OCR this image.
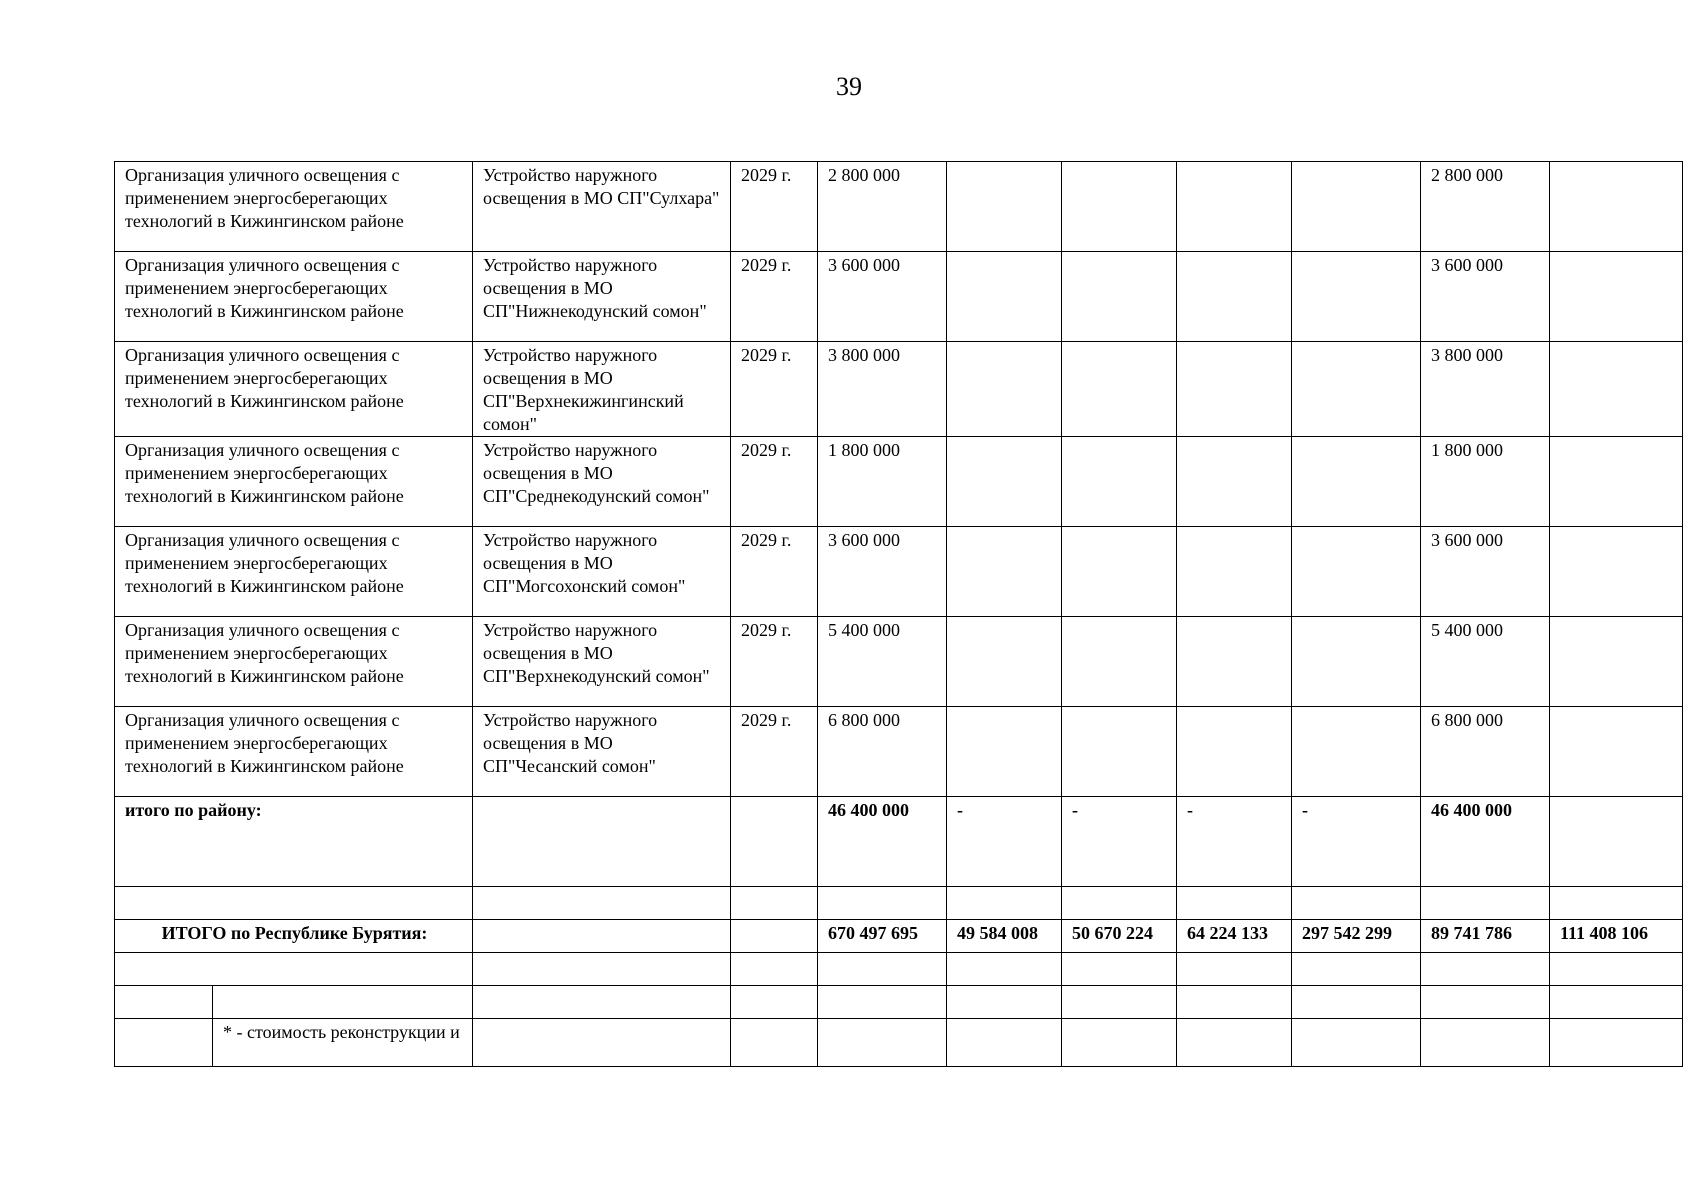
39
Организация уличного освещения с применением энергосберегающих технологий в Кижингинском районе		Устройство наружного освещения в МО СП"Сулхара"	2029 г.	2 800 000					2 800 000	
Организация уличного освещения с применением энергосберегающих технологий в Кижингинском районе		Устройство наружного освещения в МО СП"Нижнекодунский сомон"	2029 г.	3 600 000					3 600 000	
Организация уличного освещения с применением энергосберегающих технологий в Кижингинском районе		Устройство наружного освещения в МО СП"Верхнекижингинский сомон"	2029 г.	3 800 000					3 800 000	
Организация уличного освещения с применением энергосберегающих технологий в Кижингинском районе		Устройство наружного освещения в МО СП"Среднекодунский сомон"	2029 г.	1 800 000					1 800 000	
Организация уличного освещения с применением энергосберегающих технологий в Кижингинском районе		Устройство наружного освещения в МО СП"Могсохонский сомон"	2029 г.	3 600 000					3 600 000	
Организация уличного освещения с применением энергосберегающих технологий в Кижингинском районе		Устройство наружного освещения в МО СП"Верхнекодунский сомон"	2029 г.	5 400 000					5 400 000	
Организация уличного освещения с применением энергосберегающих технологий в Кижингинском районе		Устройство наружного освещения в МО СП"Чесанский сомон"	2029 г.	6 800 000					6 800 000	
итого по району:				46 400 000	-	-	-	-	46 400 000	

ИТОГО по Республике Бурятия:				670 497 695	49 584 008	50 670 224	64 224 133	297 542 299	89 741 786	111 408 106

	* - стоимость реконструкции и									
